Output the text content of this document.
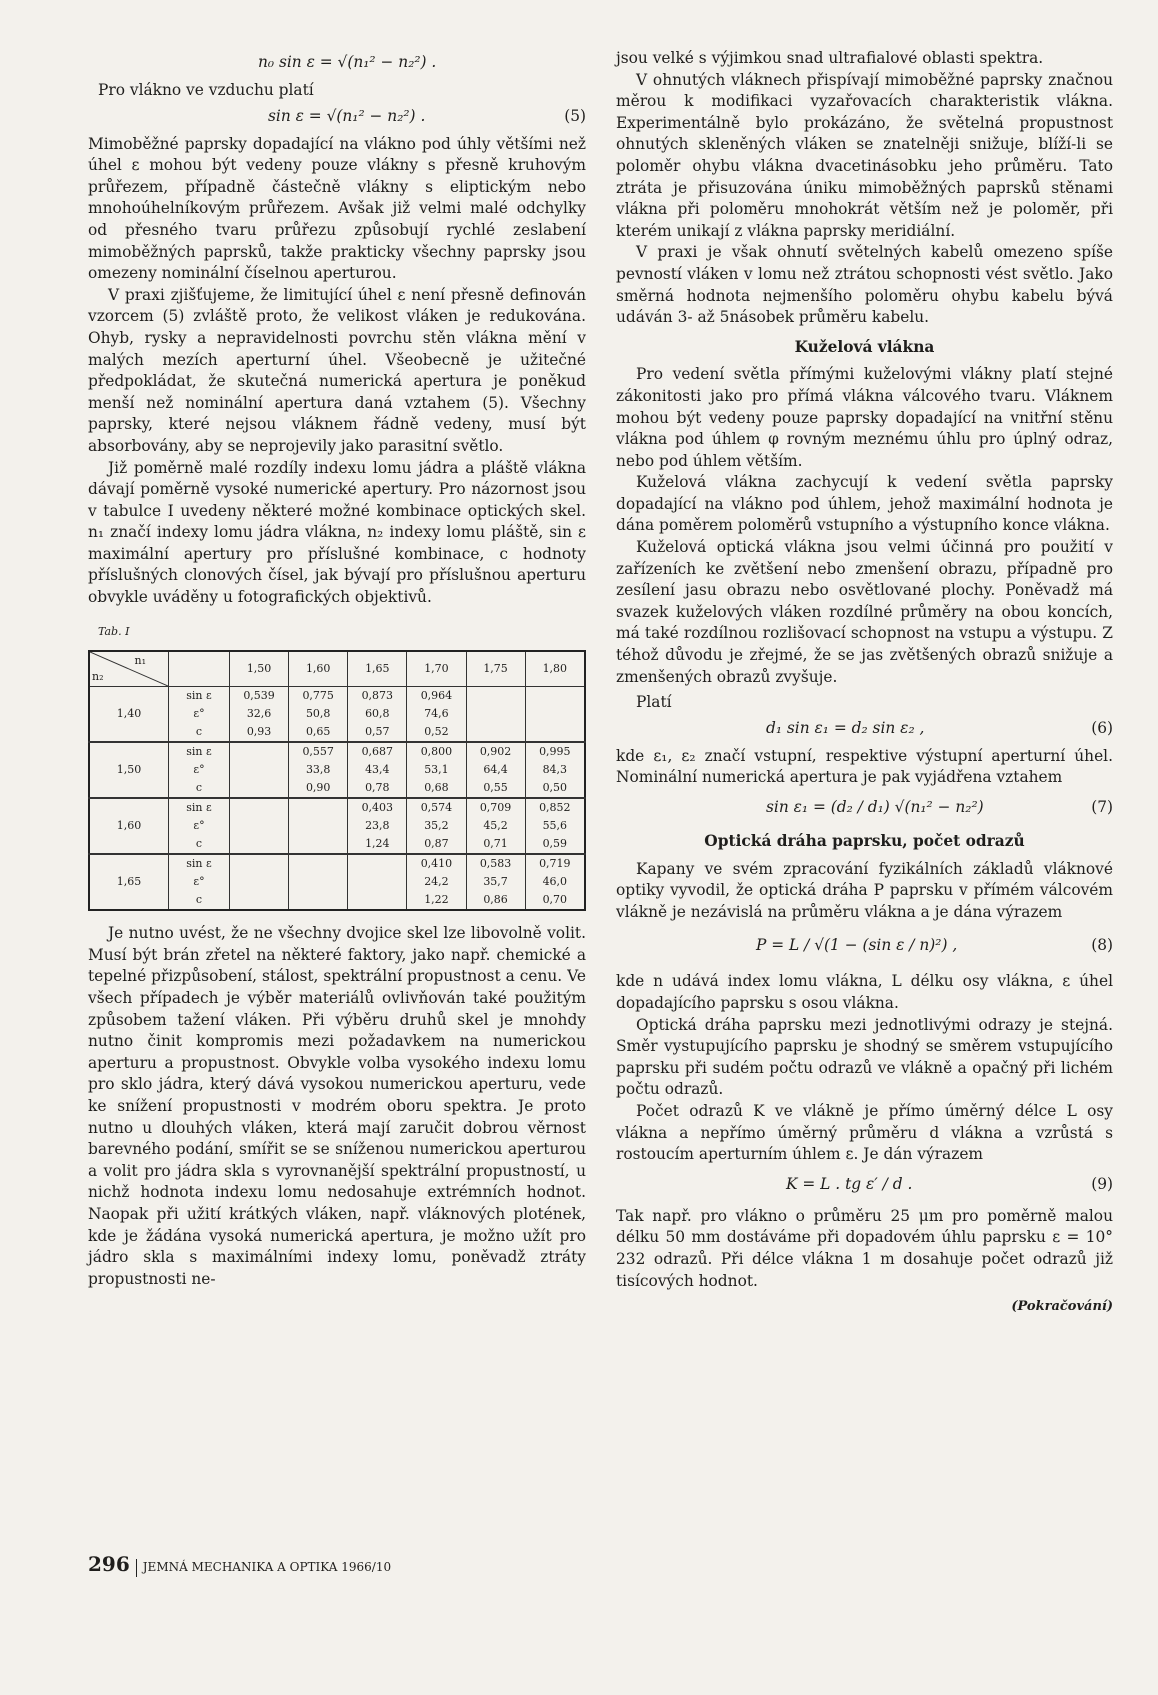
n₀ sin ε = √(n₁² − n₂²) .

Pro vlákno ve vzduchu platí

sin ε = √(n₁² − n₂²) .	(5)

Mimoběžné paprsky dopadající na vlákno pod úhly většími než úhel ε mohou být vedeny pouze vlákny s přesně kruhovým průřezem, případně částečně vlákny s eliptickým nebo mnohoúhelníkovým průřezem. Avšak již velmi malé odchylky od přesného tvaru průřezu způsobují rychlé zeslabení mimoběžných paprsků, takže prakticky všechny paprsky jsou omezeny nominální číselnou aperturou.

V praxi zjišťujeme, že limitující úhel ε není přesně definován vzorcem (5) zvláště proto, že velikost vláken je redukována. Ohyb, rysky a nepravidelnosti povrchu stěn vlákna mění v malých mezích aperturní úhel. Všeobecně je užitečné předpokládat, že skutečná numerická apertura je poněkud menší než nominální apertura daná vztahem (5). Všechny paprsky, které nejsou vláknem řádně vedeny, musí být absorbovány, aby se neprojevily jako parasitní světlo.

Již poměrně malé rozdíly indexu lomu jádra a pláště vlákna dávají poměrně vysoké numerické apertury. Pro názornost jsou v tabulce I uvedeny některé možné kombinace optických skel. n₁ značí indexy lomu jádra vlákna, n₂ indexy lomu pláště, sin ε maximální apertury pro příslušné kombinace, c hodnoty příslušných clonových čísel, jak bývají pro příslušnou aperturu obvykle uváděny u fotografických objektivů.

Tab. I
n₁
n₂		1,50	1,60	1,65	1,70	1,75	1,80
1,40	sin ε	0,539	0,775	0,873	0,964		
	ε°	32,6	50,8	60,8	74,6		
	c	0,93	0,65	0,57	0,52		
1,50	sin ε		0,557	0,687	0,800	0,902	0,995
	ε°		33,8	43,4	53,1	64,4	84,3
	c		0,90	0,78	0,68	0,55	0,50
1,60	sin ε			0,403	0,574	0,709	0,852
	ε°			23,8	35,2	45,2	55,6
	c			1,24	0,87	0,71	0,59
1,65	sin ε				0,410	0,583	0,719
	ε°				24,2	35,7	46,0
	c				1,22	0,86	0,70

Je nutno uvést, že ne všechny dvojice skel lze libovolně volit. Musí být brán zřetel na některé faktory, jako např. chemické a tepelné přizpůsobení, stálost, spektrální propustnost a cenu. Ve všech případech je výběr materiálů ovlivňován také použitým způsobem tažení vláken. Při výběru druhů skel je mnohdy nutno činit kompromis mezi požadavkem na numerickou aperturu a propustnost. Obvykle volba vysokého indexu lomu pro sklo jádra, který dává vysokou numerickou aperturu, vede ke snížení propustnosti v modrém oboru spektra. Je proto nutno u dlouhých vláken, která mají zaručit dobrou věrnost barevného podání, smířit se se sníženou numerickou aperturou a volit pro jádra skla s vyrovnanější spektrální propustností, u nichž hodnota indexu lomu nedosahuje extrémních hodnot. Naopak při užití krátkých vláken, např. vláknových plotének, kde je žádána vysoká numerická apertura, je možno užít pro jádro skla s maximálními indexy lomu, poněvadž ztráty propustnosti ne-

jsou velké s výjimkou snad ultrafialové oblasti spektra.

V ohnutých vláknech přispívají mimoběžné paprsky značnou měrou k modifikaci vyzařovacích charakteristik vlákna. Experimentálně bylo prokázáno, že světelná propustnost ohnutých skleněných vláken se znatelněji snižuje, blíží-li se poloměr ohybu vlákna dvacetinásobku jeho průměru. Tato ztráta je přisuzována úniku mimoběžných paprsků stěnami vlákna při poloměru mnohokrát větším než je poloměr, při kterém unikají z vlákna paprsky meridiální.

V praxi je však ohnutí světelných kabelů omezeno spíše pevností vláken v lomu než ztrátou schopnosti vést světlo. Jako směrná hodnota nejmenšího poloměru ohybu kabelu bývá udáván 3- až 5násobek průměru kabelu.

Kuželová vlákna

Pro vedení světla přímými kuželovými vlákny platí stejné zákonitosti jako pro přímá vlákna válcového tvaru. Vláknem mohou být vedeny pouze paprsky dopadající na vnitřní stěnu vlákna pod úhlem φ rovným meznému úhlu pro úplný odraz, nebo pod úhlem větším.

Kuželová vlákna zachycují k vedení světla paprsky dopadající na vlákno pod úhlem, jehož maximální hodnota je dána poměrem poloměrů vstupního a výstupního konce vlákna.

Kuželová optická vlákna jsou velmi účinná pro použití v zařízeních ke zvětšení nebo zmenšení obrazu, případně pro zesílení jasu obrazu nebo osvětlované plochy. Poněvadž má svazek kuželových vláken rozdílné průměry na obou koncích, má také rozdílnou rozlišovací schopnost na vstupu a výstupu. Z téhož důvodu je zřejmé, že se jas zvětšených obrazů snižuje a zmenšených obrazů zvyšuje.

Platí

d₁ sin ε₁ = d₂ sin ε₂ ,	(6)

kde ε₁, ε₂ značí vstupní, respektive výstupní aperturní úhel. Nominální numerická apertura je pak vyjádřena vztahem

sin ε₁ = (d₂ / d₁) √(n₁² − n₂²)	(7)
Optická dráha paprsku, počet odrazů

Kapany ve svém zpracování fyzikálních základů vláknové optiky vyvodil, že optická dráha P paprsku v přímém válcovém vlákně je nezávislá na průměru vlákna a je dána výrazem

P = L / √(1 − (sin ε / n)²) ,	(8)

kde n udává index lomu vlákna, L délku osy vlákna, ε úhel dopadajícího paprsku s osou vlákna.

Optická dráha paprsku mezi jednotlivými odrazy je stejná. Směr vystupujícího paprsku je shodný se směrem vstupujícího paprsku při sudém počtu odrazů ve vlákně a opačný při lichém počtu odrazů.

Počet odrazů K ve vlákně je přímo úměrný délce L osy vlákna a nepřímo úměrný průměru d vlákna a vzrůstá s rostoucím aperturním úhlem ε. Je dán výrazem

K = L . tg ε′ / d .	(9)

Tak např. pro vlákno o průměru 25 μm pro poměrně malou délku 50 mm dostáváme při dopadovém úhlu paprsku ε = 10° 232 odrazů. Při délce vlákna 1 m dosahuje počet odrazů již tisícových hodnot.

(Pokračování)
296 JEMNÁ MECHANIKA A OPTIKA 1966/10
